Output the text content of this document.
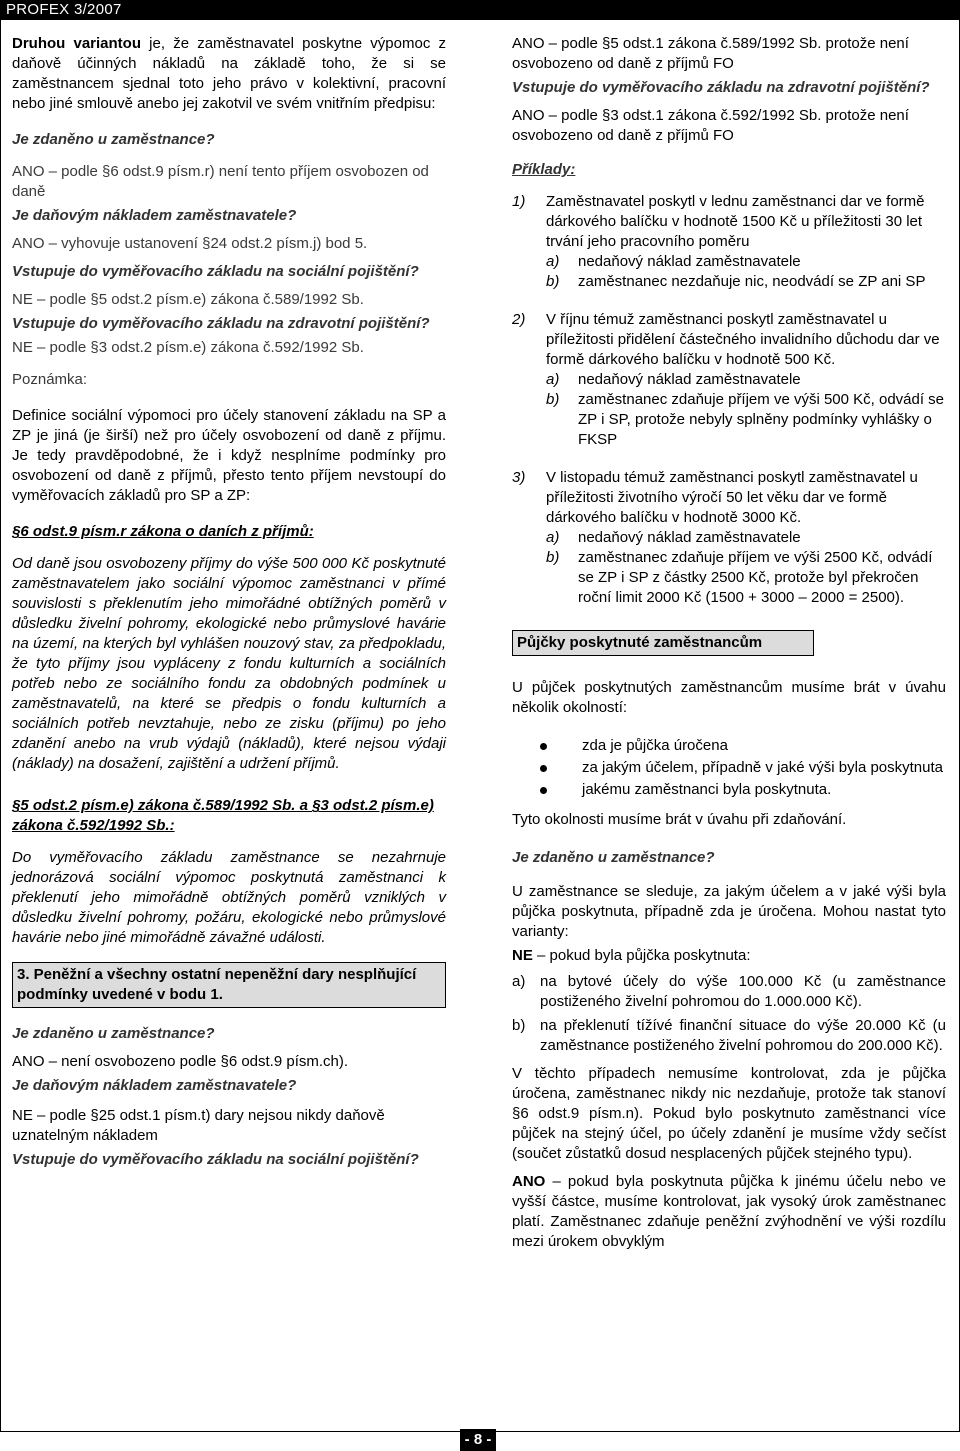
PROFEX 3/2007

Druhou variantou je, že zaměstnavatel poskytne výpomoc z daňově účinných nákladů na základě toho, že si se zaměstnancem sjednal toto jeho právo v kolektivní, pracovní nebo jiné smlouvě anebo jej zakotvil ve svém vnitřním předpisu:

Je zdaněno u zaměstnance?

ANO – podle §6 odst.9 písm.r) není tento příjem osvobozen od daně

Je daňovým nákladem zaměstnavatele?

ANO – vyhovuje ustanovení §24 odst.2 písm.j) bod 5.

Vstupuje do vyměřovacího základu na sociální pojištění?

NE – podle §5 odst.2 písm.e) zákona č.589/1992 Sb.

Vstupuje do vyměřovacího základu na zdravotní pojištění?

NE – podle §3 odst.2 písm.e) zákona č.592/1992 Sb.

Poznámka:

Definice sociální výpomoci pro účely stanovení základu na SP a ZP je jiná (je širší) než pro účely osvobození od daně z příjmu. Je tedy pravděpodobné, že i když nesplníme podmínky pro osvobození od daně z příjmů, přesto tento příjem nevstoupí do vyměřovacích základů pro SP a ZP:

§6 odst.9 písm.r zákona o daních z příjmů:

Od daně jsou osvobozeny příjmy do výše 500 000 Kč poskytnuté zaměstnavatelem jako sociální výpomoc zaměstnanci v přímé souvislosti s překlenutím jeho mimořádné obtížných poměrů v důsledku živelní pohromy, ekologické nebo průmyslové havárie na území, na kterých byl vyhlášen nouzový stav, za předpokladu, že tyto příjmy jsou vypláceny z fondu kulturních a sociálních potřeb nebo ze sociálního fondu za obdobných podmínek u zaměstnavatelů, na které se předpis o fondu kulturních a sociálních potřeb nevztahuje, nebo ze zisku (příjmu) po jeho zdanění anebo na vrub výdajů (nákladů), které nejsou výdaji (náklady) na dosažení, zajištění a udržení příjmů.

§5 odst.2 písm.e) zákona č.589/1992 Sb. a §3 odst.2 písm.e) zákona č.592/1992 Sb.:

Do vyměřovacího základu zaměstnance se nezahrnuje jednorázová sociální výpomoc poskytnutá zaměstnanci k překlenutí jeho mimořádně obtížných poměrů vzniklých v důsledku živelní pohromy, požáru, ekologické nebo průmyslové havárie nebo jiné mimořádně závažné události.

3. Peněžní a všechny ostatní nepeněžní dary nesplňující podmínky uvedené v bodu 1.

Je zdaněno u zaměstnance?

ANO – není osvobozeno podle §6 odst.9 písm.ch).

Je daňovým nákladem zaměstnavatele?

NE – podle §25 odst.1 písm.t) dary nejsou nikdy daňově uznatelným nákladem

Vstupuje do vyměřovacího základu na sociální pojištění?

ANO – podle §5 odst.1 zákona č.589/1992 Sb. protože není osvobozeno od daně z příjmů FO

Vstupuje do vyměřovacího základu na zdravotní pojištění?

ANO – podle §3 odst.1 zákona č.592/1992 Sb. protože není osvobozeno od daně z příjmů FO

Příklady:

1)	Zaměstnavatel poskytl v lednu zaměstnanci dar ve formě dárkového balíčku v hodnotě 1500 Kč u příležitosti 30 let trvání jeho pracovního poměru

a)	nedaňový náklad zaměstnavatele
b)	zaměstnanec nezdaňuje nic, neodvádí se ZP ani SP
2)	V říjnu témuž zaměstnanci poskytl zaměstnavatel u příležitosti přidělení částečného invalidního důchodu dar ve formě dárkového balíčku v hodnotě 500 Kč.

a)	nedaňový náklad zaměstnavatele
b)	zaměstnanec zdaňuje příjem ve výši 500 Kč, odvádí se ZP i SP, protože nebyly splněny podmínky vyhlášky o FKSP
3)	V listopadu témuž zaměstnanci poskytl zaměstnavatel u příležitosti životního výročí 50 let věku dar ve formě dárkového balíčku v hodnotě 3000 Kč.

a)	nedaňový náklad zaměstnavatele
b)	zaměstnanec zdaňuje příjem ve výši 2500 Kč, odvádí se ZP i SP z částky 2500 Kč, protože byl překročen roční limit 2000 Kč (1500 + 3000 – 2000 = 2500).
Půjčky poskytnuté zaměstnancům

U půjček poskytnutých zaměstnancům musíme brát v úvahu několik okolností:

zda je půjčka úročena
za jakým účelem, případně v jaké výši byla poskytnuta
jakému zaměstnanci byla poskytnuta.

Tyto okolnosti musíme brát v úvahu při zdaňování.

Je zdaněno u zaměstnance?

U zaměstnance se sleduje, za jakým účelem a v jaké výši byla půjčka poskytnuta, případně zda je úročena. Mohou nastat tyto varianty:

NE – pokud byla půjčka poskytnuta:

a) na bytové účely do výše 100.000 Kč (u zaměstnance postiženého živelní pohromou do 1.000.000 Kč).
b) na překlenutí tížívé finanční situace do výše 20.000 Kč (u zaměstnance postiženého živelní pohromou do 200.000 Kč).

V těchto případech nemusíme kontrolovat, zda je půjčka úročena, zaměstnanec nikdy nic nezdaňuje, protože tak stanoví §6 odst.9 písm.n). Pokud bylo poskytnuto zaměstnanci více půjček na stejný účel, po účely zdanění je musíme vždy sečíst (součet zůstatků dosud nesplacených půjček stejného typu).

ANO – pokud byla poskytnuta půjčka k jinému účelu nebo ve vyšší částce, musíme kontrolovat, jak vysoký úrok zaměstnanec platí. Zaměstnanec zdaňuje peněžní zvýhodnění ve výši rozdílu mezi úrokem obvyklým

- 8 -
